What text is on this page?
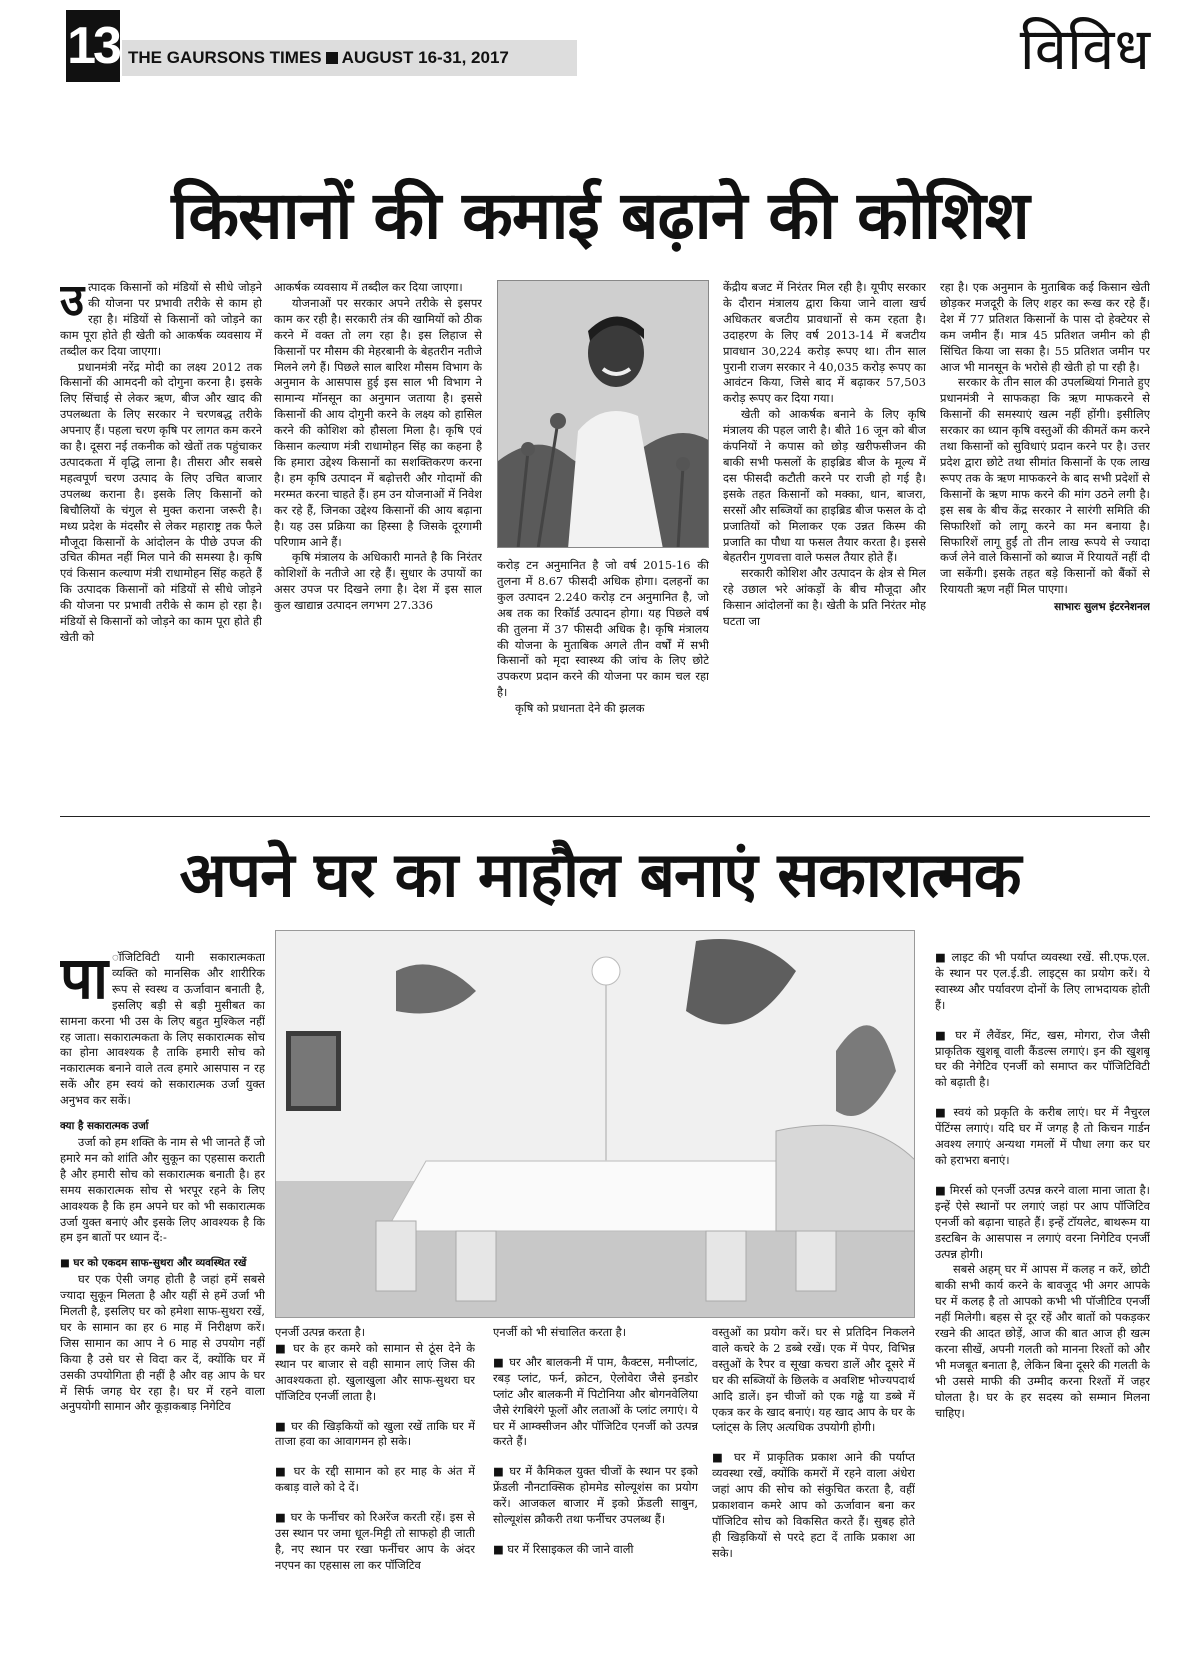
13 THE GAURSONS TIMES AUGUST 16-31, 2017	विविध
किसानों की कमाई बढ़ाने की कोशिश

उत्पादक किसानों को मंडियों से सीधे जोड़ने की योजना पर प्रभावी तरीके से काम हो रहा है। मंडियों से किसानों को जोड़ने का काम पूरा होते ही खेती को आकर्षक व्यवसाय में तब्दील कर दिया जाएगा।

प्रधानमंत्री नरेंद्र मोदी का लक्ष्य 2012 तक किसानों की आमदनी को दोगुना करना है। इसके लिए सिंचाई से लेकर ऋण, बीज और खाद की उपलब्धता के लिए सरकार ने चरणबद्ध तरीके अपनाए हैं। पहला चरण कृषि पर लागत कम करने का है। दूसरा नई तकनीक को खेतों तक पहुंचाकर उत्पादकता में वृद्धि लाना है। तीसरा और सबसे महत्वपूर्ण चरण उत्पाद के लिए उचित बाजार उपलब्ध कराना है। इसके लिए किसानों को बिचौलियों के चंगुल से मुक्त कराना जरूरी है। मध्य प्रदेश के मंदसौर से लेकर महाराष्ट्र तक फैले मौजूदा किसानों के आंदोलन के पीछे उपज की उचित कीमत नहीं मिल पाने की समस्या है। कृषि एवं किसान कल्याण मंत्री राधामोहन सिंह कहते हैं कि उत्पादक किसानों को मंडियों से सीधे जोड़ने की योजना पर प्रभावी तरीके से काम हो रहा है। मंडियों से किसानों को जोड़ने का काम पूरा होते ही खेती को

आकर्षक व्यवसाय में तब्दील कर दिया जाएगा।

योजनाओं पर सरकार अपने तरीके से इसपर काम कर रही है। सरकारी तंत्र की खामियों को ठीक करने में वक्त तो लग रहा है। इस लिहाज से किसानों पर मौसम की मेहरबानी के बेहतरीन नतीजे मिलने लगे हैं। पिछले साल बारिश मौसम विभाग के अनुमान के आसपास हुई इस साल भी विभाग ने सामान्य मॉनसून का अनुमान जताया है। इससे किसानों की आय दोगुनी करने के लक्ष्य को हासिल करने की कोशिश को हौसला मिला है। कृषि एवं किसान कल्याण मंत्री राधामोहन सिंह का कहना है कि हमारा उद्देश्य किसानों का सशक्तिकरण करना है। हम कृषि उत्पादन में बढ़ोत्तरी और गोदामों की मरम्मत करना चाहते हैं। हम उन योजनाओं में निवेश कर रहे हैं, जिनका उद्देश्य किसानों की आय बढ़ाना है। यह उस प्रक्रिया का हिस्सा है जिसके दूरगामी परिणाम आने हैं।

कृषि मंत्रालय के अधिकारी मानते है कि निरंतर कोशिशों के नतीजे आ रहे हैं। सुधार के उपायों का असर उपज पर दिखने लगा है। देश में इस साल कुल खाद्यान्न उत्पादन लगभग 27.336

करोड़ टन अनुमानित है जो वर्ष 2015-16 की तुलना में 8.67 फीसदी अधिक होगा। दलहनों का कुल उत्पादन 2.240 करोड़ टन अनुमानित है, जो अब तक का रिकॉर्ड उत्पादन होगा। यह पिछले वर्ष की तुलना में 37 फीसदी अधिक है। कृषि मंत्रालय की योजना के मुताबिक अगले तीन वर्षों में सभी किसानों को मृदा स्वास्थ्य की जांच के लिए छोटे उपकरण प्रदान करने की योजना पर काम चल रहा है।

कृषि को प्रधानता देने की झलक

केंद्रीय बजट में निरंतर मिल रही है। यूपीए सरकार के दौरान मंत्रालय द्वारा किया जाने वाला खर्च अधिकतर बजटीय प्रावधानों से कम रहता है। उदाहरण के लिए वर्ष 2013-14 में बजटीय प्रावधान 30,224 करोड़ रूपए था। तीन साल पुरानी राजग सरकार ने 40,035 करोड़ रूपए का आवंटन किया, जिसे बाद में बढ़ाकर 57,503 करोड़ रूपए कर दिया गया।

खेती को आकर्षक बनाने के लिए कृषि मंत्रालय की पहल जारी है। बीते 16 जून को बीज कंपनियों ने कपास को छोड़ खरीफसीजन की बाकी सभी फसलों के हाइब्रिड बीज के मूल्य में दस फीसदी कटौती करने पर राजी हो गई है। इसके तहत किसानों को मक्का, धान, बाजरा, सरसों और सब्जियों का हाइब्रिड बीज फसल के दो प्रजातियों को मिलाकर एक उन्नत किस्म की प्रजाति का पौधा या फसल तैयार करता है। इससे बेहतरीन गुणवत्ता वाले फसल तैयार होते हैं।

सरकारी कोशिश और उत्पादन के क्षेत्र से मिल रहे उछाल भरे आंकड़ों के बीच मौजूदा और किसान आंदोलनों का है। खेती के प्रति निरंतर मोह घटता जा

रहा है। एक अनुमान के मुताबिक कई किसान खेती छोड़कर मजदूरी के लिए शहर का रूख कर रहे हैं। देश में 77 प्रतिशत किसानों के पास दो हेक्टेयर से कम जमीन हैं। मात्र 45 प्रतिशत जमीन को ही सिंचित किया जा सका है। 55 प्रतिशत जमीन पर आज भी मानसून के भरोसे ही खेती हो पा रही है।

सरकार के तीन साल की उपलब्धियां गिनाते हुए प्रधानमंत्री ने साफकहा कि ऋण माफकरने से किसानों की समस्याएं खत्म नहीं होंगी। इसीलिए सरकार का ध्यान कृषि वस्तुओं की कीमतें कम करने तथा किसानों को सुविधाएं प्रदान करने पर है। उत्तर प्रदेश द्वारा छोटे तथा सीमांत किसानों के एक लाख रूपए तक के ऋण माफकरने के बाद सभी प्रदेशों से किसानों के ऋण माफ करने की मांग उठने लगी है। इस सब के बीच केंद्र सरकार ने सारंगी समिति की सिफारिशों को लागू करने का मन बनाया है। सिफारिशें लागू हुईं तो तीन लाख रूपये से ज्यादा कर्ज लेने वाले किसानों को ब्याज में रियायतें नहीं दी जा सकेंगी। इसके तहत बड़े किसानों को बैंकों से रियायती ऋण नहीं मिल पाएगा।

साभारः सुलभ इंटरनेशनल

अपने घर का माहौल बनाएं सकारात्मक

पा ॉजिटिविटी यानी सकारात्मकता व्यक्ति को मानसिक और शारीरिक रूप से स्वस्थ व ऊर्जावान बनाती है, इसलिए बड़ी से बड़ी मुसीबत का सामना करना भी उस के लिए बहुत मुश्किल नहीं रह जाता। सकारात्मकता के लिए सकारात्मक सोच का होना आवश्यक है ताकि हमारी सोच को नकारात्मक बनाने वाले तत्व हमारे आसपास न रह सकें और हम स्वयं को सकारात्मक उर्जा युक्त अनुभव कर सकें।

क्या है सकारात्मक उर्जा

उर्जा को हम शक्ति के नाम से भी जानते हैं जो हमारे मन को शांति और सुकून का एहसास कराती है और हमारी सोच को सकारात्मक बनाती है। हर समय सकारात्मक सोच से भरपूर रहने के लिए आवश्यक है कि हम अपने घर को भी सकारात्मक उर्जा युक्त बनाएं और इसके लिए आवश्यक है कि हम इन बातों पर ध्यान दें:-

■ घर को एकदम साफ-सुथरा और व्यवस्थित रखें

घर एक ऐसी जगह होती है जहां हमें सबसे ज्यादा सुकून मिलता है और यहीं से हमें उर्जा भी मिलती है, इसलिए घर को हमेशा साफ-सुथरा रखें, घर के सामान का हर 6 माह में निरीक्षण करें। जिस सामान का आप ने 6 माह से उपयोग नहीं किया है उसे घर से विदा कर दें, क्योंकि घर में उसकी उपयोगिता ही नहीं है और वह आप के घर में सिर्फ जगह घेर रहा है। घर में रहने वाला अनुपयोगी सामान और कूड़ाकबाड़ निगेटिव

एनर्जी उत्पन्न करता है।

■ घर के हर कमरे को सामान से ठूंस देने के स्थान पर बाजार से वही सामान लाएं जिस की आवश्यकता हो. खुलाखुला और साफ-सुथरा घर पॉजिटिव एनर्जी लाता है।

■ घर की खिड़कियों को खुला रखें ताकि घर में ताजा हवा का आवागमन हो सके।

■ घर के रद्दी सामान को हर माह के अंत में कबाड़ वाले को दे दें।

■ घर के फर्नीचर को रिअरेंज करती रहें। इस से उस स्थान पर जमा धूल-मिट्टी तो साफहो ही जाती है, नए स्थान पर रखा फर्नीचर आप के अंदर नएपन का एहसास ला कर पॉजिटिव

एनर्जी को भी संचालित करता है।

■ घर और बालकनी में पाम, कैक्टस, मनीप्लांट, रबड़ प्लांट, फर्न, क्रोटन, ऐलोवेरा जैसे इनडोर प्लांट और बालकनी में पिटोनिया और बोगनवेलिया जैसे रंगबिरंगे फूलों और लताओं के प्लांट लगाएं। ये घर में आम्क्सीजन और पॉजिटिव एनर्जी को उत्पन्न करते हैं।

■ घर में कैमिकल युक्त चीजों के स्थान पर इको फ्रेंडली नौनटाक्सिक होममेड सोल्यूशंस का प्रयोग करें। आजकल बाजार में इको फ्रेंडली साबुन, सोल्यूशंस क्रौकरी तथा फर्नीचर उपलब्ध हैं।

■ घर में रिसाइकल की जाने वाली

वस्तुओं का प्रयोग करें। घर से प्रतिदिन निकलने वाले कचरे के 2 डब्बे रखें। एक में पेपर, विभिन्न वस्तुओं के रैपर व सूखा कचरा डालें और दूसरे में घर की सब्जियों के छिलके व अवशिष्ट भोज्यपदार्थ आदि डालें। इन चीजों को एक गढ्ढे या डब्बे में एकत्र कर के खाद बनाएं। यह खाद आप के घर के प्लांट्स के लिए अत्यधिक उपयोगी होगी।

■ घर में प्राकृतिक प्रकाश आने की पर्याप्त व्यवस्था रखें, क्योंकि कमरों में रहने वाला अंधेरा जहां आप की सोच को संकुचित करता है, वहीं प्रकाशवान कमरे आप को ऊर्जावान बना कर पॉजिटिव सोच को विकसित करते हैं। सुबह होते ही खिड़कियों से परदे हटा दें ताकि प्रकाश आ सके।

■ लाइट की भी पर्याप्त व्यवस्था रखें. सी.एफ.एल. के स्थान पर एल.ई.डी. लाइट्स का प्रयोग करें। ये स्वास्थ्य और पर्यावरण दोनों के लिए लाभदायक होती हैं।

■ घर में लैवेंडर, मिंट, खस, मोगरा, रोज जैसी प्राकृतिक खुशबू वाली कैंडल्स लगाएं। इन की खुशबू घर की नेगेटिव एनर्जी को समाप्त कर पॉजिटिविटी को बढ़ाती है।

■ स्वयं को प्रकृति के करीब लाएं। घर में नैचुरल पेंटिंग्स लगाएं। यदि घर में जगह है तो किचन गार्डन अवश्य लगाएं अन्यथा गमलों में पौधा लगा कर घर को हराभरा बनाएं।

■ मिरर्स को एनर्जी उत्पन्न करने वाला माना जाता है। इन्हें ऐसे स्थानों पर लगाएं जहां पर आप पॉजिटिव एनर्जी को बढ़ाना चाहते हैं। इन्हें टॉयलेट, बाथरूम या डस्टबिन के आसपास न लगाएं वरना निगेटिव एनर्जी उत्पन्न होगी।

सबसे अहम् घर में आपस में कलह न करें, छोटी बाकी सभी कार्य करने के बावजूद भी अगर आपके घर में कलह है तो आपको कभी भी पॉजीटिव एनर्जी नहीं मिलेगी। बहस से दूर रहें और बातों को पकड़कर रखने की आदत छोड़ें, आज की बात आज ही खत्म करना सीखें, अपनी गलती को मानना रिश्तों को और भी मजबूत बनाता है, लेकिन बिना दूसरे की गलती के भी उससे माफी की उम्मीद करना रिश्तों में जहर घोलता है। घर के हर सदस्य को सम्मान मिलना चाहिए।
